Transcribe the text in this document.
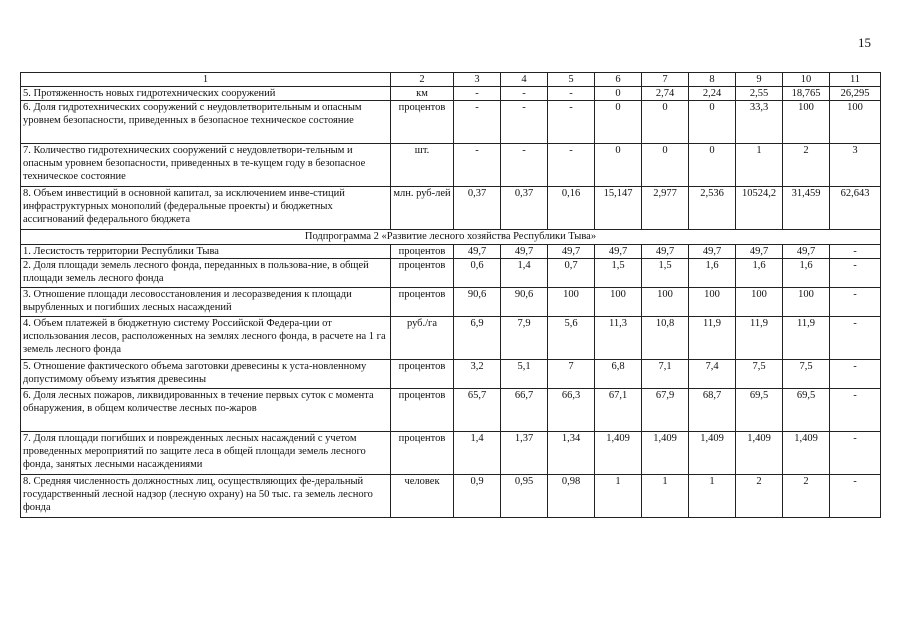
15
1	2	3	4	5	6	7	8	9	10	11
5. Протяженность новых гидротехнических сооружений	км	-	-	-	0	2,74	2,24	2,55	18,765	26,295
6. Доля гидротехнических сооружений с неудовлетворительным и опасным уровнем безопасности, приведенных в безопасное техническое состояние	процентов	-	-	-	0	0	0	33,3	100	100
7. Количество гидротехнических сооружений с неудовлетвори-тельным и опасным уровнем безопасности, приведенных в те-кущем году в безопасное техническое состояние	шт.	-	-	-	0	0	0	1	2	3
8. Объем инвестиций в основной капитал, за исключением инве-стиций инфраструктурных монополий (федеральные проекты) и бюджетных ассигнований федерального бюджета	млн. руб-лей	0,37	0,37	0,16	15,147	2,977	2,536	10524,2	31,459	62,643
Подпрограмма 2 «Развитие лесного хозяйства Республики Тыва»										
1. Лесистость территории Республики Тыва	процентов	49,7	49,7	49,7	49,7	49,7	49,7	49,7	49,7	-
2. Доля площади земель лесного фонда, переданных в пользова-ние, в общей площади земель лесного фонда	процентов	0,6	1,4	0,7	1,5	1,5	1,6	1,6	1,6	-
3. Отношение площади лесовосстановления и лесоразведения к площади вырубленных и погибших лесных насаждений	процентов	90,6	90,6	100	100	100	100	100	100	-
4. Объем платежей в бюджетную систему Российской Федера-ции от использования лесов, расположенных на землях лесного фонда, в расчете на 1 га земель лесного фонда	руб./га	6,9	7,9	5,6	11,3	10,8	11,9	11,9	11,9	-
5. Отношение фактического объема заготовки древесины к уста-новленному допустимому объему изъятия древесины	процентов	3,2	5,1	7	6,8	7,1	7,4	7,5	7,5	-
6. Доля лесных пожаров, ликвидированных в течение первых суток с момента обнаружения, в общем количестве лесных по-жаров	процентов	65,7	66,7	66,3	67,1	67,9	68,7	69,5	69,5	-
7. Доля площади погибших и поврежденных лесных насаждений с учетом проведенных мероприятий по защите леса в общей площади земель лесного фонда, занятых лесными насаждениями	процентов	1,4	1,37	1,34	1,409	1,409	1,409	1,409	1,409	-
8. Средняя численность должностных лиц, осуществляющих фе-деральный государственный лесной надзор (лесную охрану) на 50 тыс. га земель лесного фонда	человек	0,9	0,95	0,98	1	1	1	2	2	-
